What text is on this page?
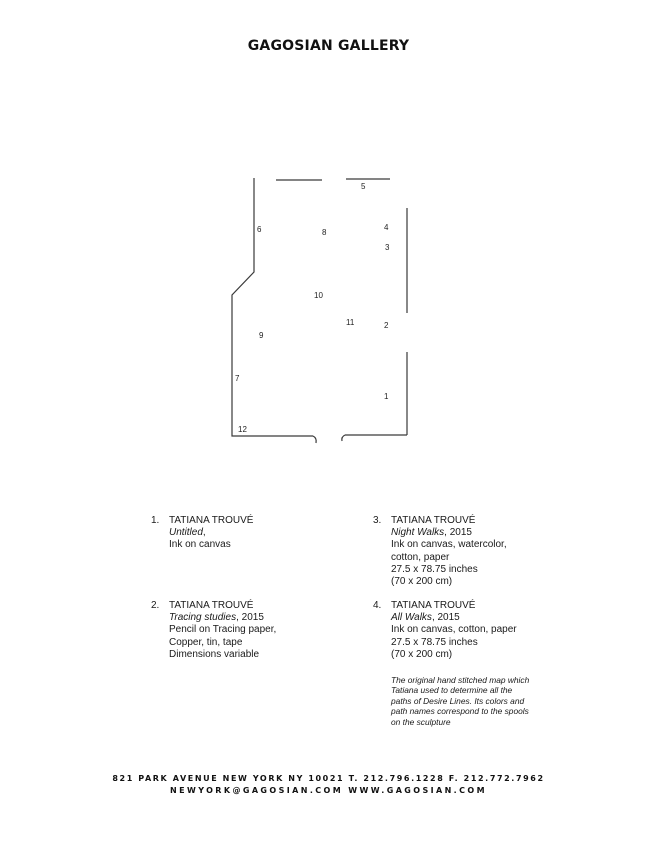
GAGOSIAN GALLERY
1
2
3
4
5
6
7
8
9
10
11
12
1. TATIANA TROUVÉ
Untitled,
Ink on canvas
2. TATIANA TROUVÉ
Tracing studies, 2015
Pencil on Tracing paper,
Copper, tin, tape
Dimensions variable
3. TATIANA TROUVÉ
Night Walks, 2015
Ink on canvas, watercolor,
cotton, paper
27.5 x 78.75 inches
(70 x 200 cm)
4. TATIANA TROUVÉ
All Walks, 2015
Ink on canvas, cotton, paper
27.5 x 78.75 inches
(70 x 200 cm)
The original hand stitched map which
Tatiana used to determine all the
paths of Desire Lines. Its colors and
path names correspond to the spools
on the sculpture
821 PARK AVENUE NEW YORK NY 10021 T. 212.796.1228 F. 212.772.7962
NEWYORK@GAGOSIAN.COM WWW.GAGOSIAN.COM
